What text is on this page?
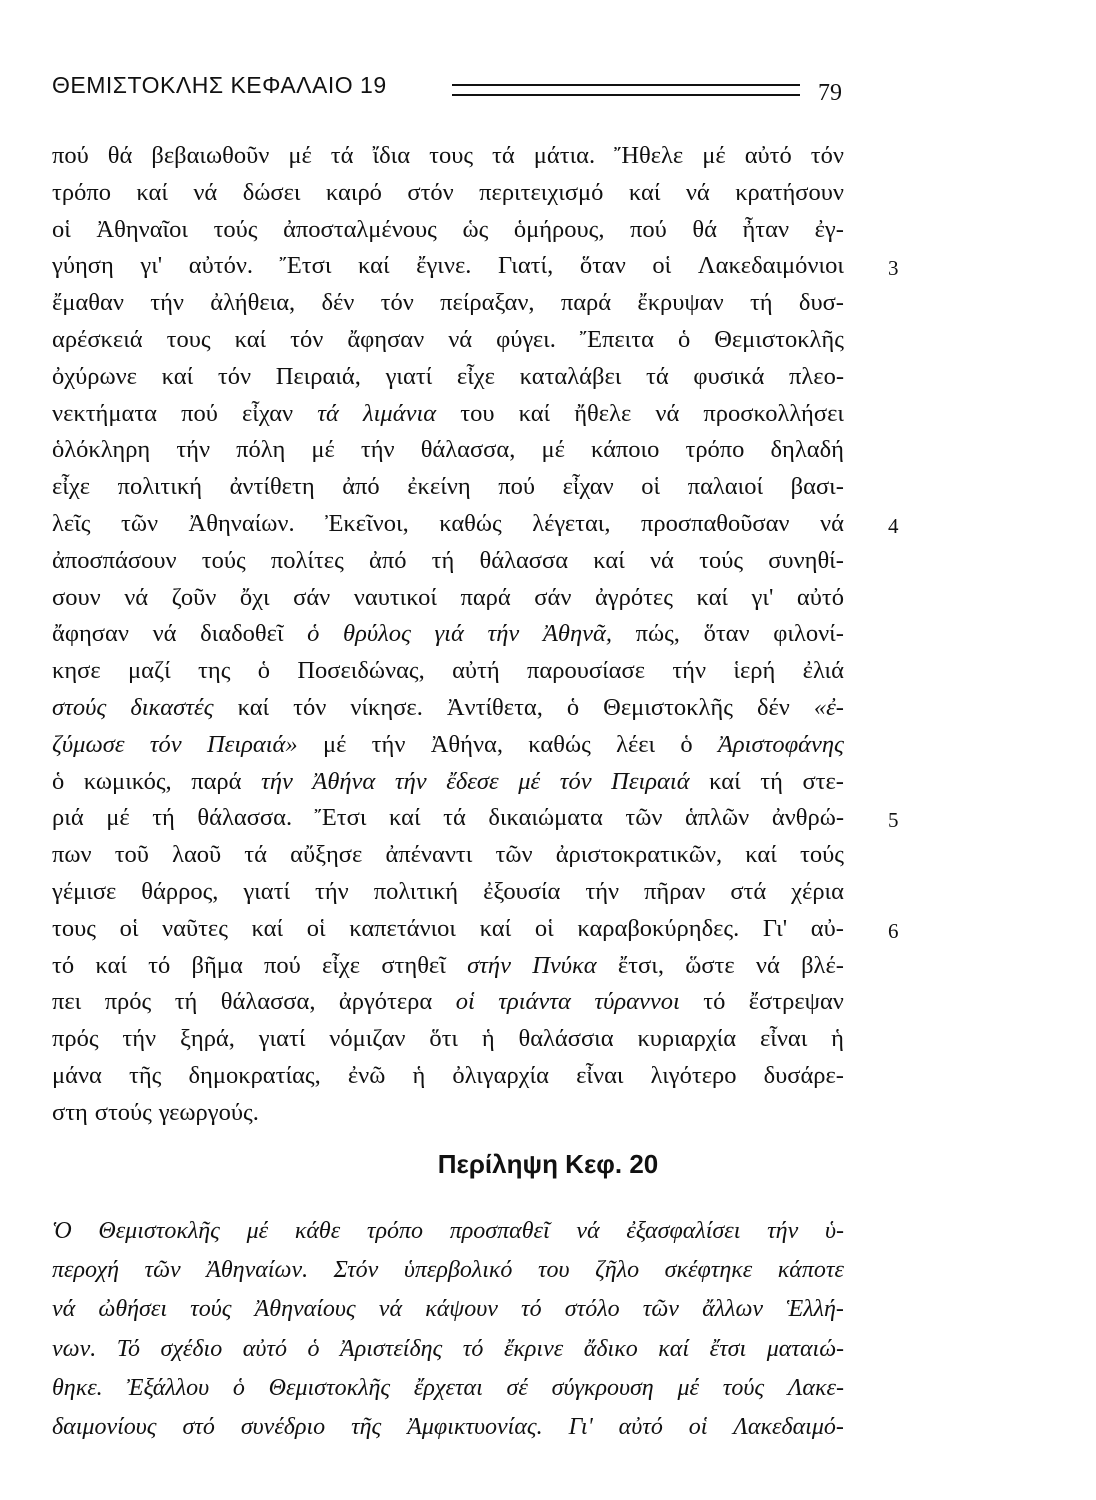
ΘΕΜΙΣΤΟΚΛΗΣ ΚΕΦΑΛΑΙΟ 19	79
πού θά βεβαιωθοῦν μέ τά ἴδια τους τά μάτια. Ἤθελε μέ αὐτό τόν
τρόπο καί νά δώσει καιρό στόν περιτειχισμό καί νά κρατήσουν
οἱ Ἀθηναῖοι τούς ἀποσταλμένους ὡς ὁμήρους, πού θά ἦταν ἐγ-
γύηση γι' αὐτόν. Ἔτσι καί ἔγινε. Γιατί, ὅταν οἱ Λακεδαιμόνιοι
ἔμαθαν τήν ἀλήθεια, δέν τόν πείραξαν, παρά ἔκρυψαν τή δυσ-
αρέσκειά τους καί τόν ἄφησαν νά φύγει. Ἔπειτα ὁ Θεμιστοκλῆς
ὀχύρωνε καί τόν Πειραιά, γιατί εἶχε καταλάβει τά φυσικά πλεο-
νεκτήματα πού εἶχαν τά λιμάνια του καί ἤθελε νά προσκολλήσει
ὁλόκληρη τήν πόλη μέ τήν θάλασσα, μέ κάποιο τρόπο δηλαδή
εἶχε πολιτική ἀντίθετη ἀπό ἐκείνη πού εἶχαν οἱ παλαιοί βασι-
λεῖς τῶν Ἀθηναίων. Ἐκεῖνοι, καθώς λέγεται, προσπαθοῦσαν νά
ἀποσπάσουν τούς πολίτες ἀπό τή θάλασσα καί νά τούς συνηθί-
σουν νά ζοῦν ὄχι σάν ναυτικοί παρά σάν ἀγρότες καί γι' αὐτό
ἄφησαν νά διαδοθεῖ ὁ θρύλος γιά τήν Ἀθηνᾶ, πώς, ὅταν φιλονί-
κησε μαζί της ὁ Ποσειδώνας, αὐτή παρουσίασε τήν ἱερή ἐλιά
στούς δικαστές καί τόν νίκησε. Ἀντίθετα, ὁ Θεμιστοκλῆς δέν «ἐ-
ζύμωσε τόν Πειραιά» μέ τήν Ἀθήνα, καθώς λέει ὁ Ἀριστοφάνης
ὁ κωμικός, παρά τήν Ἀθήνα τήν ἔδεσε μέ τόν Πειραιά καί τή στε-
ριά μέ τή θάλασσα. Ἔτσι καί τά δικαιώματα τῶν ἁπλῶν ἀνθρώ-
πων τοῦ λαοῦ τά αὔξησε ἀπέναντι τῶν ἀριστοκρατικῶν, καί τούς
γέμισε θάρρος, γιατί τήν πολιτική ἐξουσία τήν πῆραν στά χέρια
τους οἱ ναῦτες καί οἱ καπετάνιοι καί οἱ καραβοκύρηδες. Γι' αὐ-
τό καί τό βῆμα πού εἶχε στηθεῖ στήν Πνύκα ἔτσι, ὥστε νά βλέ-
πει πρός τή θάλασσα, ἀργότερα οἱ τριάντα τύραννοι τό ἔστρεψαν
πρός τήν ξηρά, γιατί νόμιζαν ὅτι ἡ θαλάσσια κυριαρχία εἶναι ἡ
μάνα τῆς δημοκρατίας, ἐνῶ ἡ ὀλιγαρχία εἶναι λιγότερο δυσάρε-
στη στούς γεωργούς.
3
4
5
6
Περίληψη Κεφ. 20
Ὁ Θεμιστοκλῆς μέ κάθε τρόπο προσπαθεῖ νά ἐξασφαλίσει τήν ὑ-
περοχή τῶν Ἀθηναίων. Στόν ὑπερβολικό του ζῆλο σκέφτηκε κάποτε
νά ὠθήσει τούς Ἀθηναίους νά κάψουν τό στόλο τῶν ἄλλων Ἑλλή-
νων. Τό σχέδιο αὐτό ὁ Ἀριστείδης τό ἔκρινε ἄδικο καί ἔτσι ματαιώ-
θηκε. Ἐξάλλου ὁ Θεμιστοκλῆς ἔρχεται σέ σύγκρουση μέ τούς Λακε-
δαιμονίους στό συνέδριο τῆς Ἀμφικτυονίας. Γι' αὐτό οἱ Λακεδαιμό-
